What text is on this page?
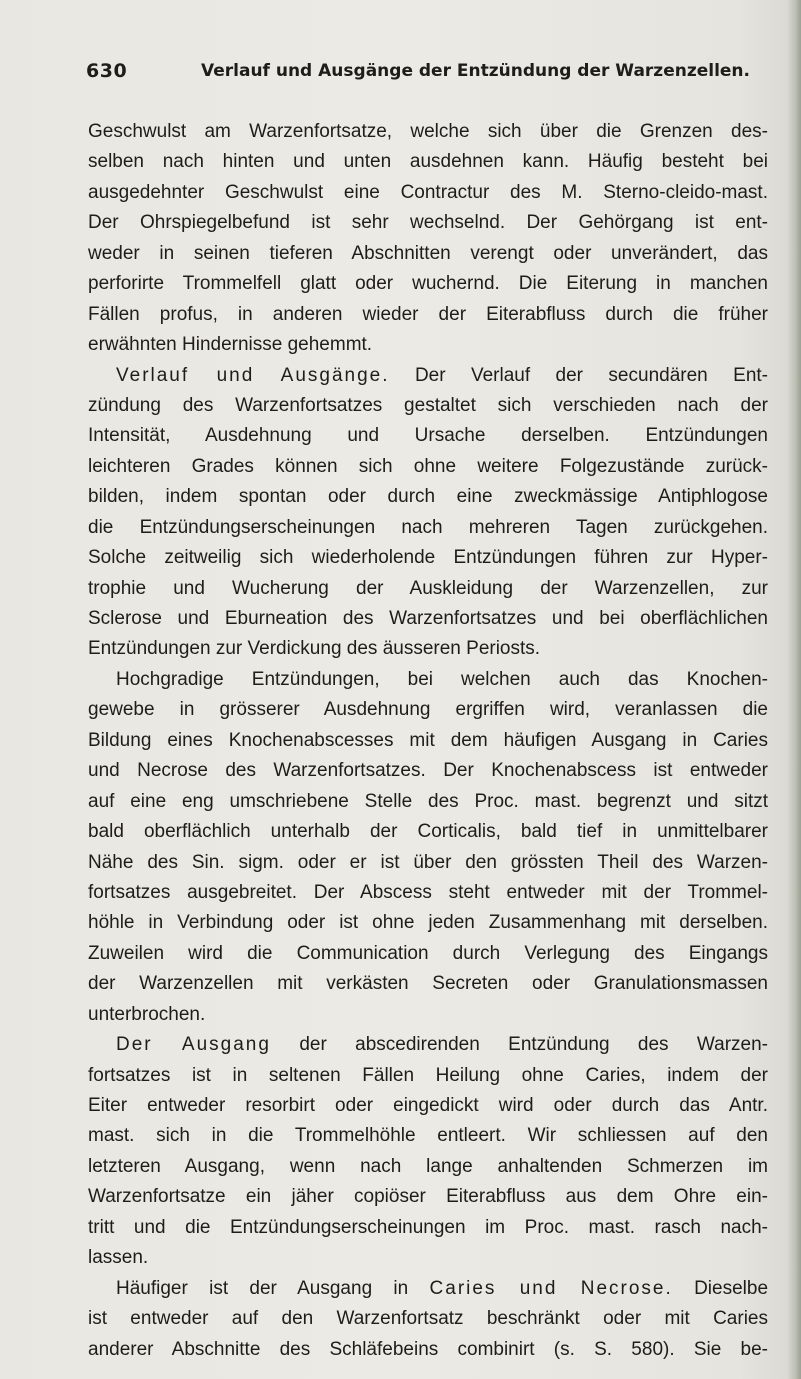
630	Verlauf und Ausgänge der Entzündung der Warzenzellen.
Geschwulst am Warzenfortsatze, welche sich über die Grenzen des-
selben nach hinten und unten ausdehnen kann. Häufig besteht bei
ausgedehnter Geschwulst eine Contractur des M. Sterno-cleido-mast.
Der Ohrspiegelbefund ist sehr wechselnd. Der Gehörgang ist ent-
weder in seinen tieferen Abschnitten verengt oder unverändert, das
perforirte Trommelfell glatt oder wuchernd. Die Eiterung in manchen
Fällen profus, in anderen wieder der Eiterabfluss durch die früher
erwähnten Hindernisse gehemmt.
Verlauf und Ausgänge. Der Verlauf der secundären Ent-
zündung des Warzenfortsatzes gestaltet sich verschieden nach der
Intensität, Ausdehnung und Ursache derselben. Entzündungen
leichteren Grades können sich ohne weitere Folgezustände zurück-
bilden, indem spontan oder durch eine zweckmässige Antiphlogose
die Entzündungserscheinungen nach mehreren Tagen zurückgehen.
Solche zeitweilig sich wiederholende Entzündungen führen zur Hyper-
trophie und Wucherung der Auskleidung der Warzenzellen, zur
Sclerose und Eburneation des Warzenfortsatzes und bei oberflächlichen
Entzündungen zur Verdickung des äusseren Periosts.
Hochgradige Entzündungen, bei welchen auch das Knochen-
gewebe in grösserer Ausdehnung ergriffen wird, veranlassen die
Bildung eines Knochenabscesses mit dem häufigen Ausgang in Caries
und Necrose des Warzenfortsatzes. Der Knochenabscess ist entweder
auf eine eng umschriebene Stelle des Proc. mast. begrenzt und sitzt
bald oberflächlich unterhalb der Corticalis, bald tief in unmittelbarer
Nähe des Sin. sigm. oder er ist über den grössten Theil des Warzen-
fortsatzes ausgebreitet. Der Abscess steht entweder mit der Trommel-
höhle in Verbindung oder ist ohne jeden Zusammenhang mit derselben.
Zuweilen wird die Communication durch Verlegung des Eingangs
der Warzenzellen mit verkästen Secreten oder Granulationsmassen
unterbrochen.
Der Ausgang der abscedirenden Entzündung des Warzen-
fortsatzes ist in seltenen Fällen Heilung ohne Caries, indem der
Eiter entweder resorbirt oder eingedickt wird oder durch das Antr.
mast. sich in die Trommelhöhle entleert. Wir schliessen auf den
letzteren Ausgang, wenn nach lange anhaltenden Schmerzen im
Warzenfortsatze ein jäher copiöser Eiterabfluss aus dem Ohre ein-
tritt und die Entzündungserscheinungen im Proc. mast. rasch nach-
lassen.
Häufiger ist der Ausgang in Caries und Necrose. Dieselbe
ist entweder auf den Warzenfortsatz beschränkt oder mit Caries
anderer Abschnitte des Schläfebeins combinirt (s. S. 580). Sie be-
